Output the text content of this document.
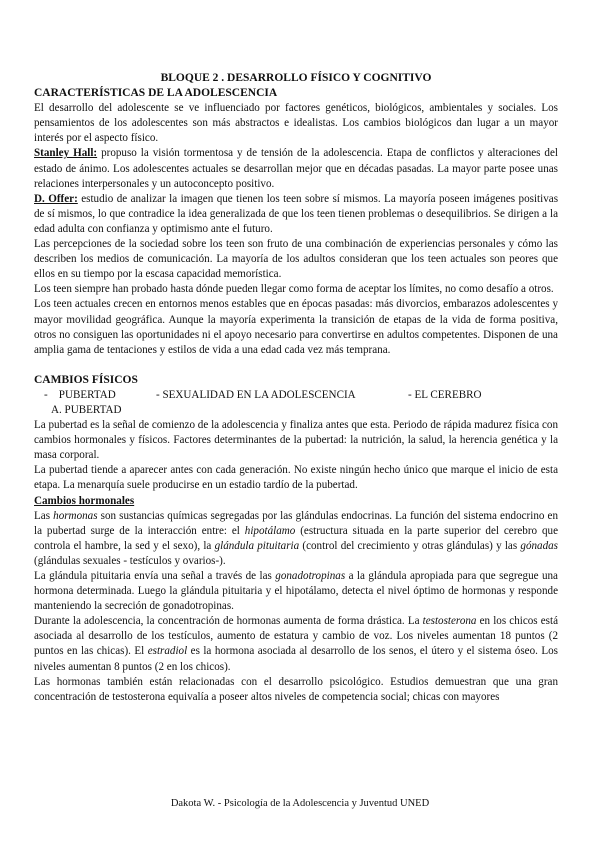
BLOQUE 2 . DESARROLLO FÍSICO Y COGNITIVO
CARACTERÍSTICAS DE LA ADOLESCENCIA

El desarrollo del adolescente se ve influenciado por factores genéticos, biológicos, ambientales y sociales. Los pensamientos de los adolescentes son más abstractos e idealistas. Los cambios biológicos dan lugar a un mayor interés por el aspecto físico.

Stanley Hall: propuso la visión tormentosa y de tensión de la adolescencia. Etapa de conflictos y alteraciones del estado de ánimo. Los adolescentes actuales se desarrollan mejor que en décadas pasadas. La mayor parte posee unas relaciones interpersonales y un autoconcepto positivo.

D. Offer: estudio de analizar la imagen que tienen los teen sobre sí mismos. La mayoría poseen imágenes positivas de sí mismos, lo que contradice la idea generalizada de que los teen tienen problemas o desequilibrios. Se dirigen a la edad adulta con confianza y optimismo ante el futuro.

Las percepciones de la sociedad sobre los teen son fruto de una combinación de experiencias personales y cómo las describen los medios de comunicación. La mayoría de los adultos consideran que los teen actuales son peores que ellos en su tiempo por la escasa capacidad memorística.

Los teen siempre han probado hasta dónde pueden llegar como forma de aceptar los límites, no como desafío a otros.

Los teen actuales crecen en entornos menos estables que en épocas pasadas: más divorcios, embarazos adolescentes y mayor movilidad geográfica. Aunque la mayoría experimenta la transición de etapas de la vida de forma positiva, otros no consiguen las oportunidades ni el apoyo necesario para convertirse en adultos competentes. Disponen de una amplia gama de tentaciones y estilos de vida a una edad cada vez más temprana.

CAMBIOS FÍSICOS
-    PUBERTAD	- SEXUALIDAD EN LA ADOLESCENCIA	- EL CEREBRO
A. PUBERTAD

La pubertad es la señal de comienzo de la adolescencia y finaliza antes que esta. Periodo de rápida madurez física con cambios hormonales y físicos. Factores determinantes de la pubertad: la nutrición, la salud, la herencia genética y la masa corporal.

La pubertad tiende a aparecer antes con cada generación. No existe ningún hecho único que marque el inicio de esta etapa. La menarquía suele producirse en un estadio tardío de la pubertad.

Cambios hormonales

Las hormonas son sustancias químicas segregadas por las glándulas endocrinas. La función del sistema endocrino en la pubertad surge de la interacción entre: el hipotálamo (estructura situada en la parte superior del cerebro que controla el hambre, la sed y el sexo), la glándula pituitaria (control del crecimiento y otras glándulas) y las gónadas (glándulas sexuales - testículos y ovarios-).

La glándula pituitaria envía una señal a través de las gonadotropinas a la glándula apropiada para que segregue una hormona determinada. Luego la glándula pituitaria y el hipotálamo, detecta el nivel óptimo de hormonas y responde manteniendo la secreción de gonadotropinas.

Durante la adolescencia, la concentración de hormonas aumenta de forma drástica. La testosterona en los chicos está asociada al desarrollo de los testículos, aumento de estatura y cambio de voz. Los niveles aumentan 18 puntos (2 puntos en las chicas). El estradiol es la hormona asociada al desarrollo de los senos, el útero y el sistema óseo. Los niveles aumentan 8 puntos (2 en los chicos).

Las hormonas también están relacionadas con el desarrollo psicológico. Estudios demuestran que una gran concentración de testosterona equivalía a poseer altos niveles de competencia social; chicas con mayores

Dakota W. - Psicología de la Adolescencia y Juventud UNED
